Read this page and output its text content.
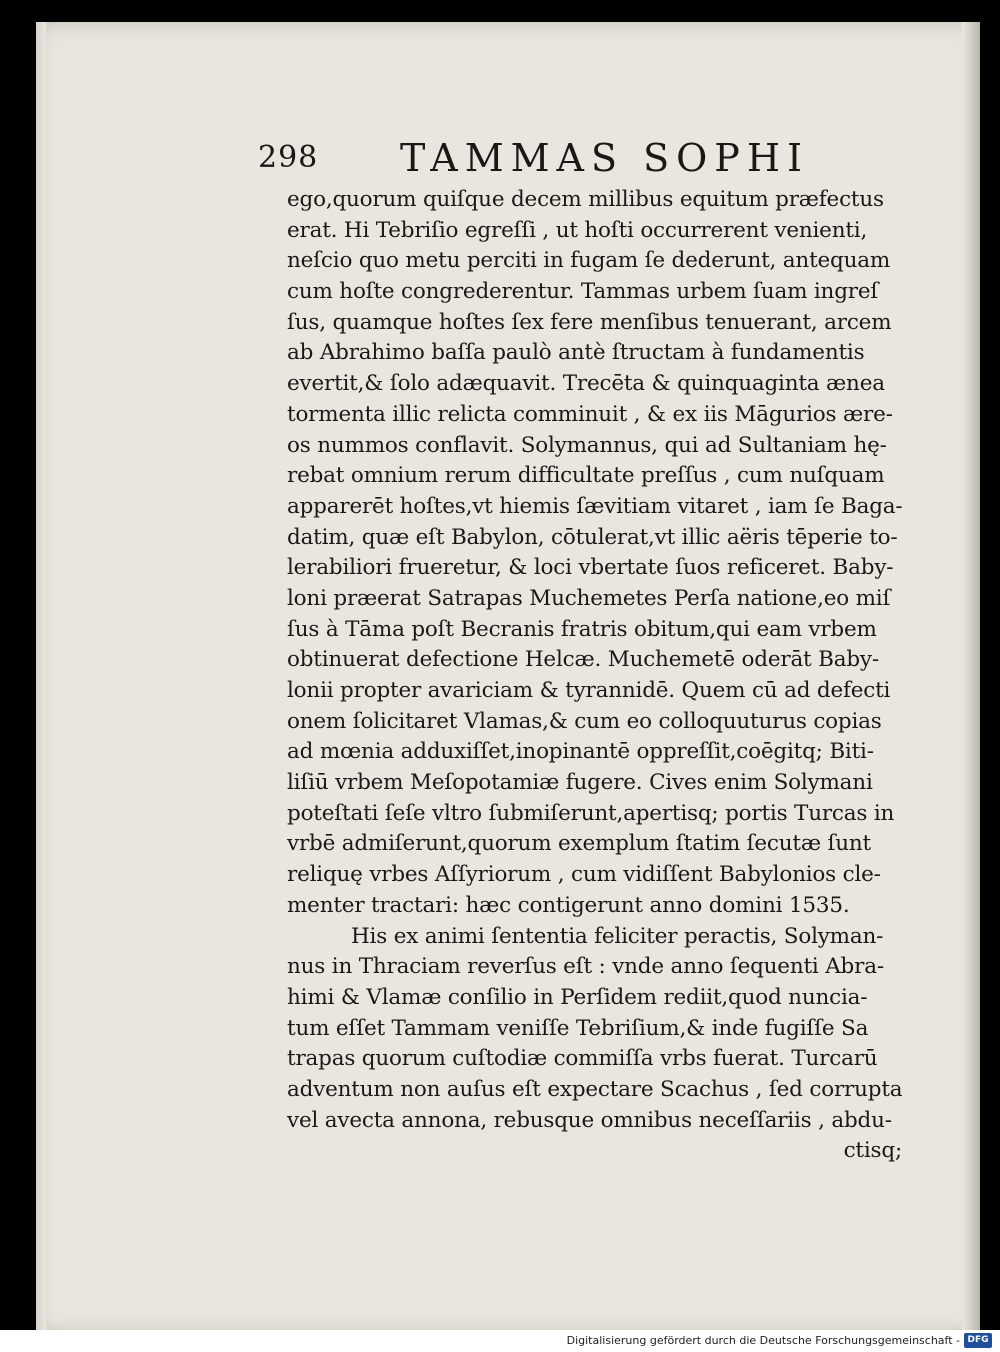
298 TAMMAS SOPHI
ego,quorum quiſque decem millibus equitum præfectus
erat. Hi Tebriſio egreſſi , ut hoſti occurrerent venienti,
neſcio quo metu perciti in fugam ſe dederunt, antequam
cum hoſte congrederentur. Tammas urbem ſuam ingreſ
ſus, quamque hoſtes ſex fere menſibus tenuerant, arcem
ab Abrahimo baſſa paulò antè ſtructam à fundamentis
evertit,& ſolo adæquavit. Trecēta & quinquaginta ænea
tormenta illic relicta comminuit , & ex iis Māgurios ære-
os nummos conflavit. Solymannus, qui ad Sultaniam hę-
rebat omnium rerum difficultate preſſus , cum nuſquam
apparerēt hoſtes,vt hiemis ſævitiam vitaret , iam ſe Baga-
datim, quæ eſt Babylon, cōtulerat,vt illic aëris tēperie to-
lerabiliori frueretur, & loci vbertate ſuos reficeret. Baby-
loni præerat Satrapas Muchemetes Perſa natione,eo miſ
ſus à Tāma poſt Becranis fratris obitum,qui eam vrbem
obtinuerat defectione Helcæ. Muchemetē oderāt Baby-
lonii propter avariciam & tyrannidē. Quem cū ad defecti
onem ſolicitaret Vlamas,& cum eo colloquuturus copias
ad mœnia adduxiſſet,inopinantē oppreſſit,coēgitq; Biti-
liſiū vrbem Meſopotamiæ fugere. Cives enim Solymani
poteſtati ſeſe vltro ſubmiſerunt,apertisq; portis Turcas in
vrbē admiſerunt,quorum exemplum ſtatim ſecutæ ſunt
reliquę vrbes Aſſyriorum , cum vidiſſent Babylonios cle-
menter tractari: hæc contigerunt anno domini 1535.
His ex animi ſententia feliciter peractis, Solyman-
nus in Thraciam reverſus eſt : vnde anno ſequenti Abra-
himi & Vlamæ conſilio in Perſidem rediit,quod nuncia-
tum eſſet Tammam veniſſe Tebriſium,& inde fugiſſe Sa
trapas quorum cuſtodiæ commiſſa vrbs fuerat. Turcarū
adventum non auſus eſt expectare Scachus , ſed corrupta
vel avecta annona, rebusque omnibus neceſſariis , abdu-
ctisq;
Digitalisierung gefördert durch die Deutsche Forschungsgemeinschaft - DFG
